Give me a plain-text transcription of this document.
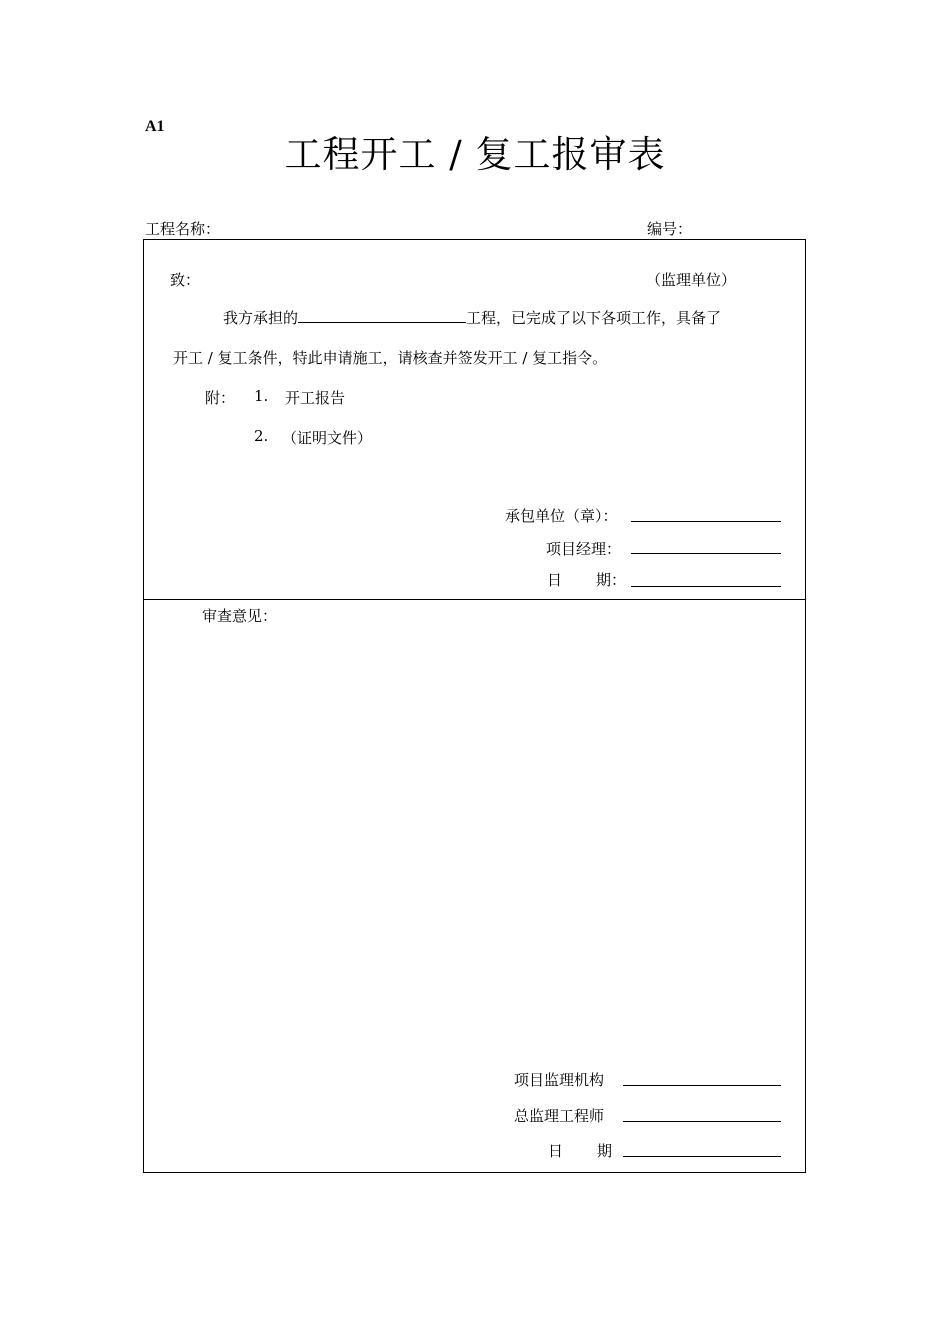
A1
工程开工 / 复工报审表
工程名称：	编号：
致：	（监理单位）
我方承担的	工程，已完成了以下各项工作，具备了
开工 / 复工条件，特此申请施工，请核查并签发开工 / 复工指令。
附： 1. 开工报告
2. （证明文件）
承包单位（章）：
项目经理：
日 期：
审查意见：
项目监理机构
总监理工程师
日 期
